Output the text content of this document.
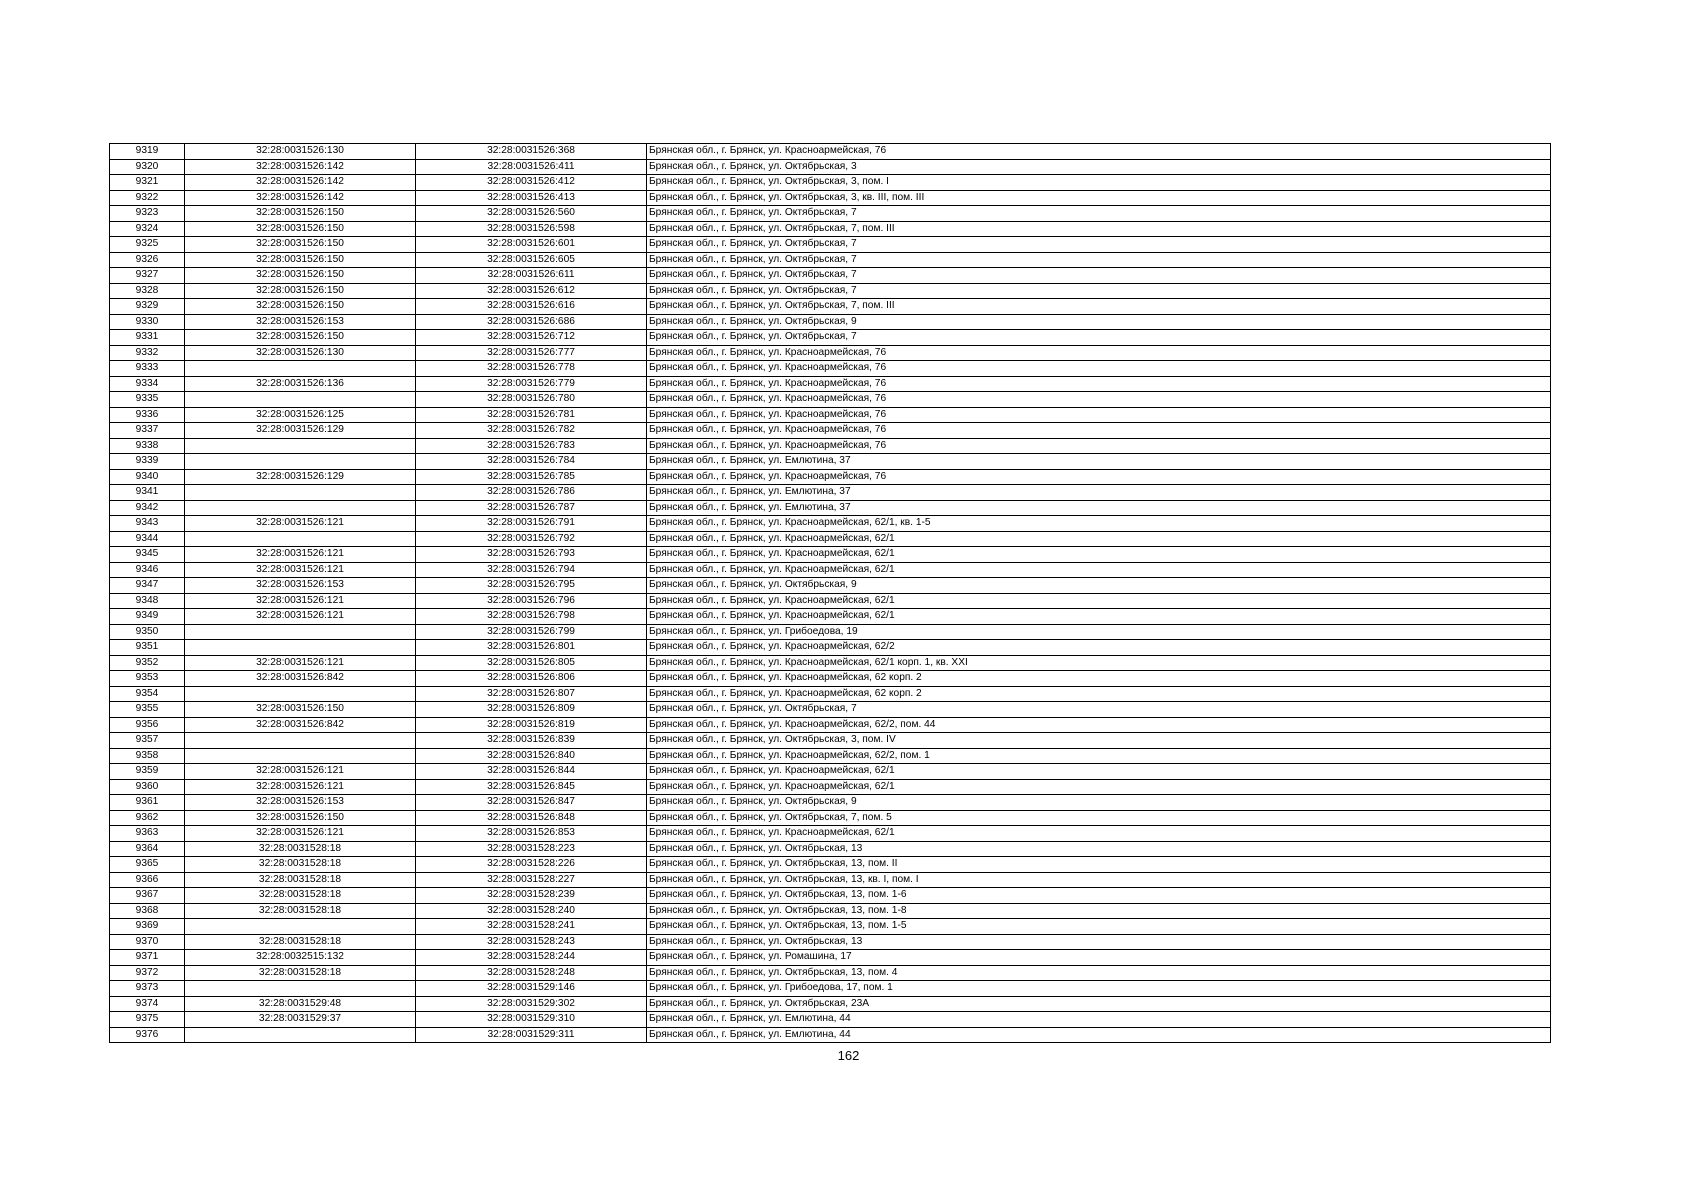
9319	32:28:0031526:130	32:28:0031526:368	Брянская обл., г. Брянск, ул. Красноармейская, 76
9320	32:28:0031526:142	32:28:0031526:411	Брянская обл., г. Брянск, ул. Октябрьская, 3
9321	32:28:0031526:142	32:28:0031526:412	Брянская обл., г. Брянск, ул. Октябрьская, 3, пом. I
9322	32:28:0031526:142	32:28:0031526:413	Брянская обл., г. Брянск, ул. Октябрьская, 3, кв. III, пом. III
9323	32:28:0031526:150	32:28:0031526:560	Брянская обл., г. Брянск, ул. Октябрьская, 7
9324	32:28:0031526:150	32:28:0031526:598	Брянская обл., г. Брянск, ул. Октябрьская, 7, пом. III
9325	32:28:0031526:150	32:28:0031526:601	Брянская обл., г. Брянск, ул. Октябрьская, 7
9326	32:28:0031526:150	32:28:0031526:605	Брянская обл., г. Брянск, ул. Октябрьская, 7
9327	32:28:0031526:150	32:28:0031526:611	Брянская обл., г. Брянск, ул. Октябрьская, 7
9328	32:28:0031526:150	32:28:0031526:612	Брянская обл., г. Брянск, ул. Октябрьская, 7
9329	32:28:0031526:150	32:28:0031526:616	Брянская обл., г. Брянск, ул. Октябрьская, 7, пом. III
9330	32:28:0031526:153	32:28:0031526:686	Брянская обл., г. Брянск, ул. Октябрьская, 9
9331	32:28:0031526:150	32:28:0031526:712	Брянская обл., г. Брянск, ул. Октябрьская, 7
9332	32:28:0031526:130	32:28:0031526:777	Брянская обл., г. Брянск, ул. Красноармейская, 76
9333		32:28:0031526:778	Брянская обл., г. Брянск, ул. Красноармейская, 76
9334	32:28:0031526:136	32:28:0031526:779	Брянская обл., г. Брянск, ул. Красноармейская, 76
9335		32:28:0031526:780	Брянская обл., г. Брянск, ул. Красноармейская, 76
9336	32:28:0031526:125	32:28:0031526:781	Брянская обл., г. Брянск, ул. Красноармейская, 76
9337	32:28:0031526:129	32:28:0031526:782	Брянская обл., г. Брянск, ул. Красноармейская, 76
9338		32:28:0031526:783	Брянская обл., г. Брянск, ул. Красноармейская, 76
9339		32:28:0031526:784	Брянская обл., г. Брянск, ул. Емлютина, 37
9340	32:28:0031526:129	32:28:0031526:785	Брянская обл., г. Брянск, ул. Красноармейская, 76
9341		32:28:0031526:786	Брянская обл., г. Брянск, ул. Емлютина, 37
9342		32:28:0031526:787	Брянская обл., г. Брянск, ул. Емлютина, 37
9343	32:28:0031526:121	32:28:0031526:791	Брянская обл., г. Брянск, ул. Красноармейская, 62/1, кв. 1-5
9344		32:28:0031526:792	Брянская обл., г. Брянск, ул. Красноармейская, 62/1
9345	32:28:0031526:121	32:28:0031526:793	Брянская обл., г. Брянск, ул. Красноармейская, 62/1
9346	32:28:0031526:121	32:28:0031526:794	Брянская обл., г. Брянск, ул. Красноармейская, 62/1
9347	32:28:0031526:153	32:28:0031526:795	Брянская обл., г. Брянск, ул. Октябрьская, 9
9348	32:28:0031526:121	32:28:0031526:796	Брянская обл., г. Брянск, ул. Красноармейская, 62/1
9349	32:28:0031526:121	32:28:0031526:798	Брянская обл., г. Брянск, ул. Красноармейская, 62/1
9350		32:28:0031526:799	Брянская обл., г. Брянск, ул. Грибоедова, 19
9351		32:28:0031526:801	Брянская обл., г. Брянск, ул. Красноармейская, 62/2
9352	32:28:0031526:121	32:28:0031526:805	Брянская обл., г. Брянск, ул. Красноармейская, 62/1 корп. 1, кв. XXI
9353	32:28:0031526:842	32:28:0031526:806	Брянская обл., г. Брянск, ул. Красноармейская, 62 корп. 2
9354		32:28:0031526:807	Брянская обл., г. Брянск, ул. Красноармейская, 62 корп. 2
9355	32:28:0031526:150	32:28:0031526:809	Брянская обл., г. Брянск, ул. Октябрьская, 7
9356	32:28:0031526:842	32:28:0031526:819	Брянская обл., г. Брянск, ул. Красноармейская, 62/2, пом. 44
9357		32:28:0031526:839	Брянская обл., г. Брянск, ул. Октябрьская, 3, пом. IV
9358		32:28:0031526:840	Брянская обл., г. Брянск, ул. Красноармейская, 62/2, пом. 1
9359	32:28:0031526:121	32:28:0031526:844	Брянская обл., г. Брянск, ул. Красноармейская, 62/1
9360	32:28:0031526:121	32:28:0031526:845	Брянская обл., г. Брянск, ул. Красноармейская, 62/1
9361	32:28:0031526:153	32:28:0031526:847	Брянская обл., г. Брянск, ул. Октябрьская, 9
9362	32:28:0031526:150	32:28:0031526:848	Брянская обл., г. Брянск, ул. Октябрьская, 7, пом. 5
9363	32:28:0031526:121	32:28:0031526:853	Брянская обл., г. Брянск, ул. Красноармейская, 62/1
9364	32:28:0031528:18	32:28:0031528:223	Брянская обл., г. Брянск, ул. Октябрьская, 13
9365	32:28:0031528:18	32:28:0031528:226	Брянская обл., г. Брянск, ул. Октябрьская, 13, пом. II
9366	32:28:0031528:18	32:28:0031528:227	Брянская обл., г. Брянск, ул. Октябрьская, 13, кв. I, пом. I
9367	32:28:0031528:18	32:28:0031528:239	Брянская обл., г. Брянск, ул. Октябрьская, 13, пом. 1-6
9368	32:28:0031528:18	32:28:0031528:240	Брянская обл., г. Брянск, ул. Октябрьская, 13, пом. 1-8
9369		32:28:0031528:241	Брянская обл., г. Брянск, ул. Октябрьская, 13, пом. 1-5
9370	32:28:0031528:18	32:28:0031528:243	Брянская обл., г. Брянск, ул. Октябрьская, 13
9371	32:28:0032515:132	32:28:0031528:244	Брянская обл., г. Брянск, ул. Ромашина, 17
9372	32:28:0031528:18	32:28:0031528:248	Брянская обл., г. Брянск, ул. Октябрьская, 13, пом. 4
9373		32:28:0031529:146	Брянская обл., г. Брянск, ул. Грибоедова, 17, пом. 1
9374	32:28:0031529:48	32:28:0031529:302	Брянская обл., г. Брянск, ул. Октябрьская, 23А
9375	32:28:0031529:37	32:28:0031529:310	Брянская обл., г. Брянск, ул. Емлютина, 44
9376		32:28:0031529:311	Брянская обл., г. Брянск, ул. Емлютина, 44
162
